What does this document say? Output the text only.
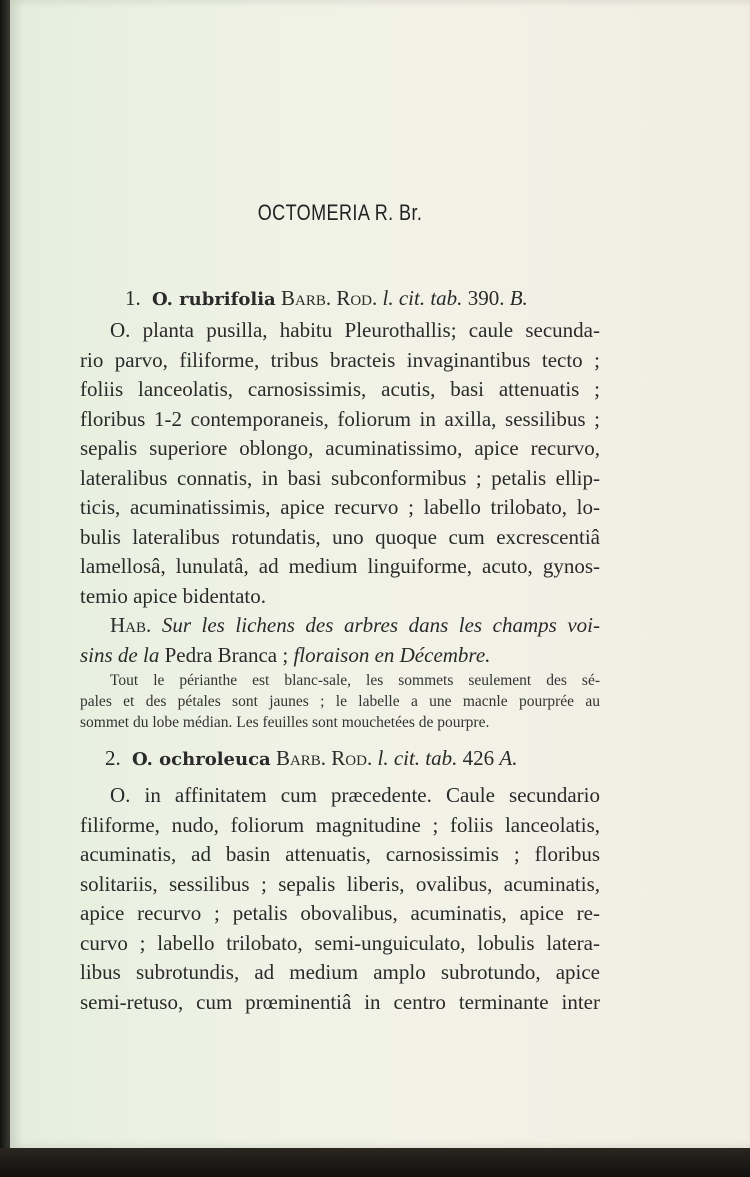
OCTOMERIA R. Br.
1. O. rubrifolia Barb. Rod. l. cit. tab. 390. B.
O. planta pusilla, habitu Pleurothallis; caule secunda-
rio parvo, filiforme, tribus bracteis invaginantibus tecto ;
foliis lanceolatis, carnosissimis, acutis, basi attenuatis ;
floribus 1-2 contemporaneis, foliorum in axilla, sessilibus ;
sepalis superiore oblongo, acuminatissimo, apice recurvo,
lateralibus connatis, in basi subconformibus ; petalis ellip-
ticis, acuminatissimis, apice recurvo ; labello trilobato, lo-
bulis lateralibus rotundatis, uno quoque cum excrescentiâ
lamellosâ, lunulatâ, ad medium linguiforme, acuto, gynos-
temio apice bidentato.
Hab. Sur les lichens des arbres dans les champs voi-
sins de la Pedra Branca ; floraison en Décembre.
Tout le périanthe est blanc-sale, les sommets seulement des sé-
pales et des pétales sont jaunes ; le labelle a une macnle pourprée au
sommet du lobe médian. Les feuilles sont mouchetées de pourpre.
2. O. ochroleuca Barb. Rod. l. cit. tab. 426 A.
O. in affinitatem cum præcedente. Caule secundario
filiforme, nudo, foliorum magnitudine ; foliis lanceolatis,
acuminatis, ad basin attenuatis, carnosissimis ; floribus
solitariis, sessilibus ; sepalis liberis, ovalibus, acuminatis,
apice recurvo ; petalis obovalibus, acuminatis, apice re-
curvo ; labello trilobato, semi-unguiculato, lobulis latera-
libus subrotundis, ad medium amplo subrotundo, apice
semi-retuso, cum prœminentiâ in centro terminante inter
